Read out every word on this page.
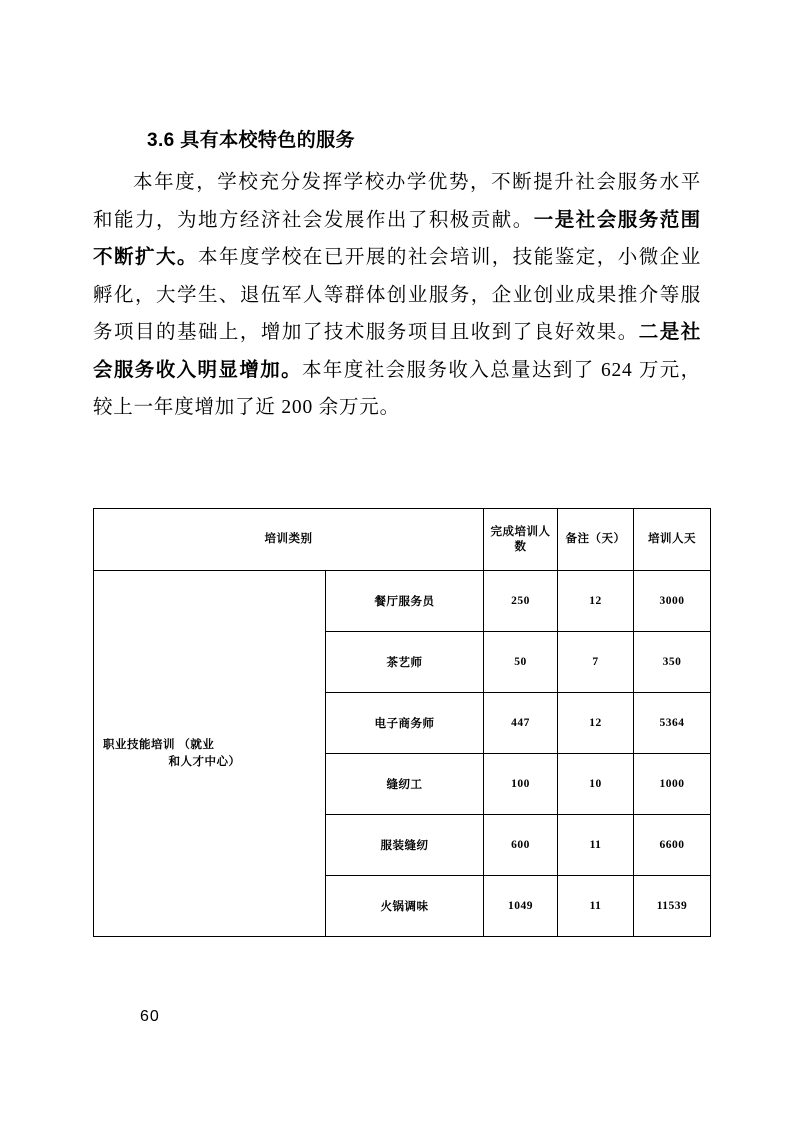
3.6 具有本校特色的服务

本年度，学校充分发挥学校办学优势，不断提升社会服务水平和能力，为地方经济社会发展作出了积极贡献。一是社会服务范围不断扩大。本年度学校在已开展的社会培训，技能鉴定，小微企业孵化，大学生、退伍军人等群体创业服务，企业创业成果推介等服务项目的基础上，增加了技术服务项目且收到了良好效果。二是社会服务收入明显增加。本年度社会服务收入总量达到了 624 万元，较上一年度增加了近 200 余万元。

培训类别		完成培训人数	备注（天）	培训人天

职业技能培训 （就业
和人才中心）	餐厅服务员	250	12	3000
	茶艺师	50	7	350
	电子商务师	447	12	5364
	缝纫工	100	10	1000
	服装缝纫	600	11	6600
	火锅调味	1049	11	11539
60
